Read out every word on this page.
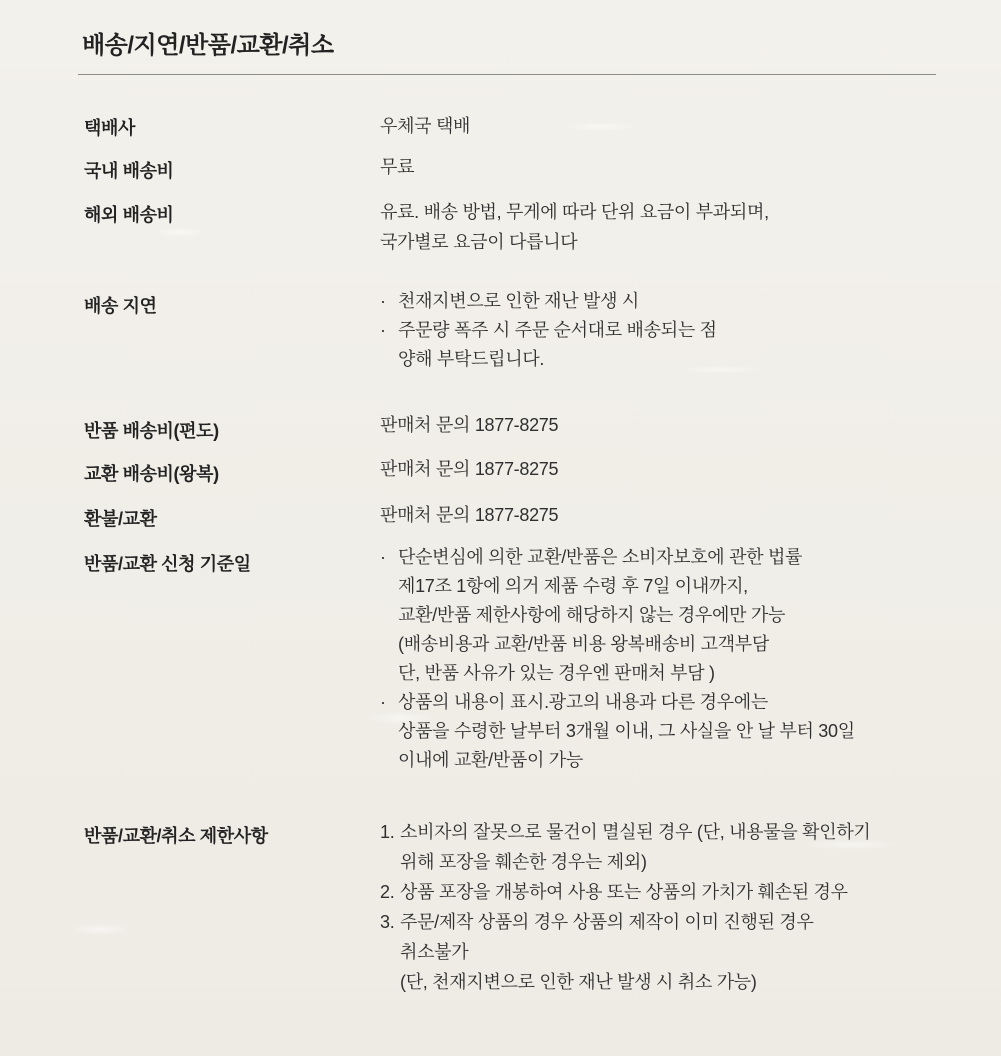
배송/지연/반품/교환/취소
택배사	우체국 택배
국내 배송비	무료
해외 배송비	유료. 배송 방법, 무게에 따라 단위 요금이 부과되며,
국가별로 요금이 다릅니다
배송 지연	· 천재지변으로 인한 재난 발생 시
· 주문량 폭주 시 주문 순서대로 배송되는 점
양해 부탁드립니다.
반품 배송비(편도)	판매처 문의 1877-8275
교환 배송비(왕복)	판매처 문의 1877-8275
환불/교환	판매처 문의 1877-8275
반품/교환 신청 기준일	· 단순변심에 의한 교환/반품은 소비자보호에 관한 법률
제17조 1항에 의거 제품 수령 후 7일 이내까지,
교환/반품 제한사항에 해당하지 않는 경우에만 가능
(배송비용과 교환/반품 비용 왕복배송비 고객부담
단, 반품 사유가 있는 경우엔 판매처 부담 )
· 상품의 내용이 표시.광고의 내용과 다른 경우에는
상품을 수령한 날부터 3개월 이내, 그 사실을 안 날 부터 30일
이내에 교환/반품이 가능
반품/교환/취소 제한사항	1. 소비자의 잘못으로 물건이 멸실된 경우 (단, 내용물을 확인하기
위해 포장을 훼손한 경우는 제외)
2. 상품 포장을 개봉하여 사용 또는 상품의 가치가 훼손된 경우
3. 주문/제작 상품의 경우 상품의 제작이 이미 진행된 경우
취소불가
(단, 천재지변으로 인한 재난 발생 시 취소 가능)
